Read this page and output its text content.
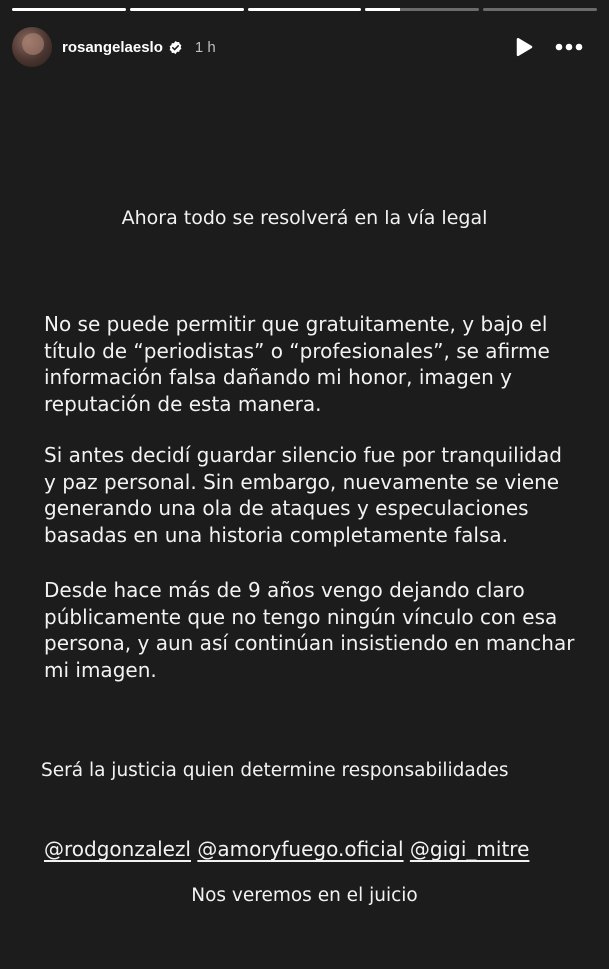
rosangelaeslo 1 h
Ahora todo se resolverá en la vía legal
No se puede permitir que gratuitamente, y bajo el
título de “periodistas” o “profesionales”, se afirme
información falsa dañando mi honor, imagen y
reputación de esta manera.
Si antes decidí guardar silencio fue por tranquilidad
y paz personal. Sin embargo, nuevamente se viene
generando una ola de ataques y especulaciones
basadas en una historia completamente falsa.
Desde hace más de 9 años vengo dejando claro
públicamente que no tengo ningún vínculo con esa
persona, y aun así continúan insistiendo en manchar
mi imagen.
Será la justicia quien determine responsabilidades
@rodgonzalezl @amoryfuego.oficial @gigi_mitre
Nos veremos en el juicio
